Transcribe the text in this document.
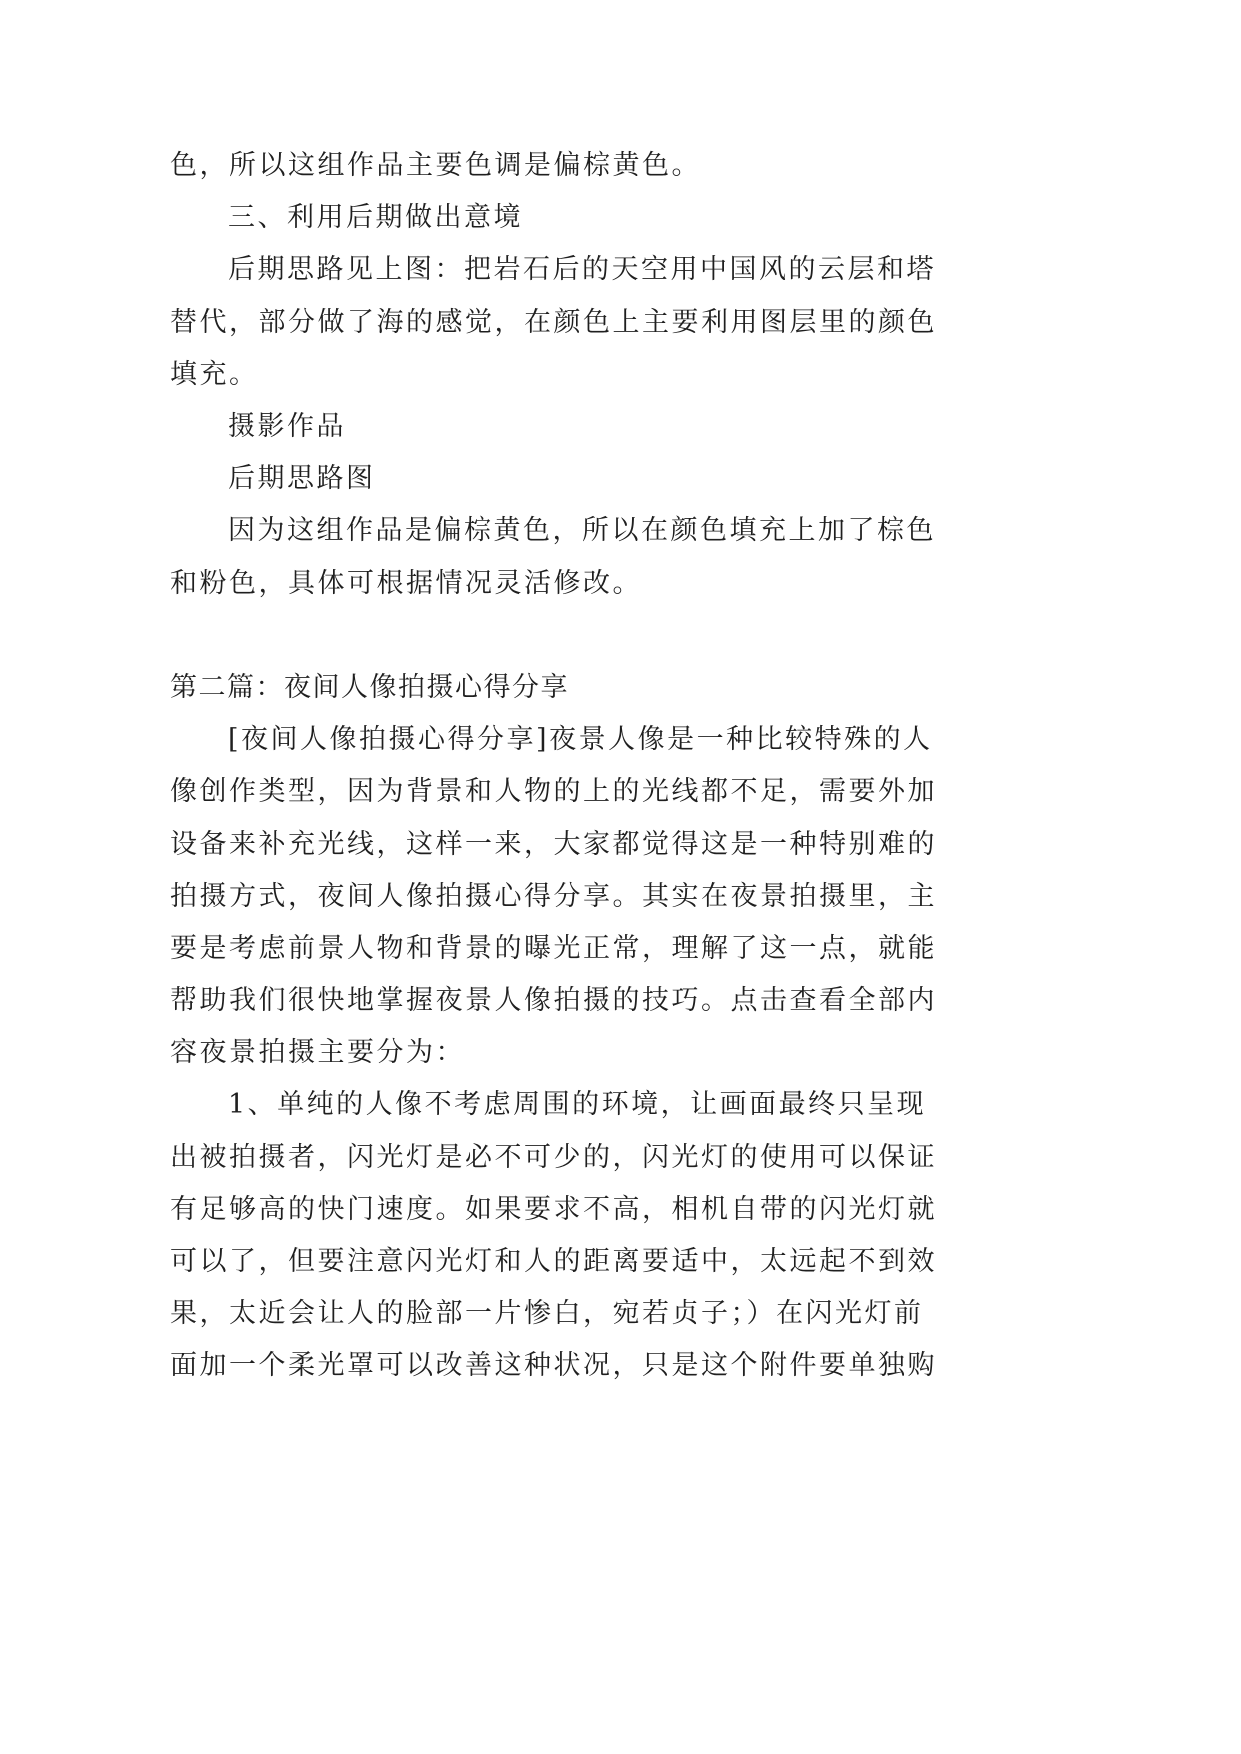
色，所以这组作品主要色调是偏棕黄色。

三、利用后期做出意境

后期思路见上图：把岩石后的天空用中国风的云层和塔

替代，部分做了海的感觉，在颜色上主要利用图层里的颜色

填充。

摄影作品

后期思路图

因为这组作品是偏棕黄色，所以在颜色填充上加了棕色

和粉色，具体可根据情况灵活修改。

第二篇：夜间人像拍摄心得分享

[夜间人像拍摄心得分享]夜景人像是一种比较特殊的人

像创作类型，因为背景和人物的上的光线都不足，需要外加

设备来补充光线，这样一来，大家都觉得这是一种特别难的

拍摄方式，夜间人像拍摄心得分享。其实在夜景拍摄里，主

要是考虑前景人物和背景的曝光正常，理解了这一点，就能

帮助我们很快地掌握夜景人像拍摄的技巧。点击查看全部内

容夜景拍摄主要分为：

1、单纯的人像不考虑周围的环境，让画面最终只呈现

出被拍摄者，闪光灯是必不可少的，闪光灯的使用可以保证

有足够高的快门速度。如果要求不高，相机自带的闪光灯就

可以了，但要注意闪光灯和人的距离要适中，太远起不到效

果，太近会让人的脸部一片惨白，宛若贞子；）在闪光灯前

面加一个柔光罩可以改善这种状况，只是这个附件要单独购
